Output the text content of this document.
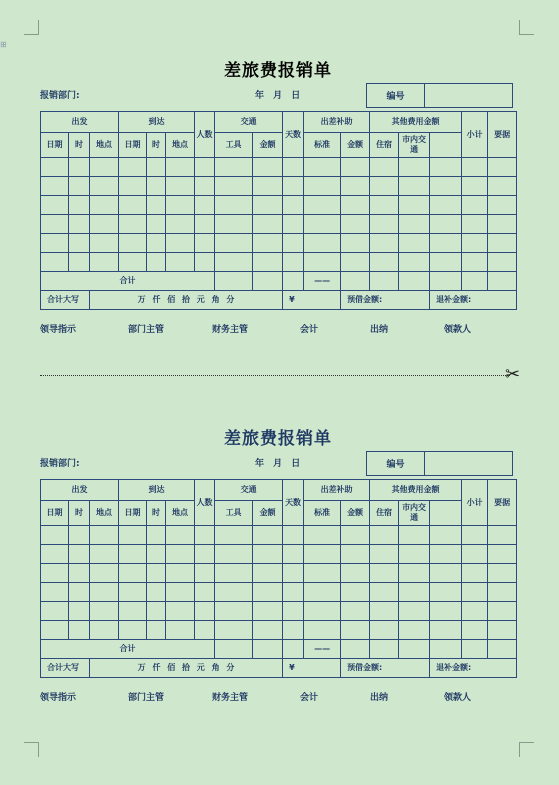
⊞
差旅费报销单
报销部门:	年 月 日	编号
出发			到达			人数	交通		天数	出差补助		其他费用金额			小计	要据
日期	时	地点	日期	时	地点		工具	金额		标准	金额	住宿	市内交通			

合计										——						
合计大写		万 仟 佰 拾 元 角 分							¥		预借金额:			退补金额:		
领导指示	部门主管	财务主管	会计	出纳	领款人
✂
差旅费报销单
报销部门:	年 月 日	编号
出发			到达			人数	交通		天数	出差补助		其他费用金额			小计	要据
日期	时	地点	日期	时	地点		工具	金额		标准	金额	住宿	市内交通			

合计										——						
合计大写		万 仟 佰 拾 元 角 分							¥		预借金额:			退补金额:		
领导指示	部门主管	财务主管	会计	出纳	领款人
